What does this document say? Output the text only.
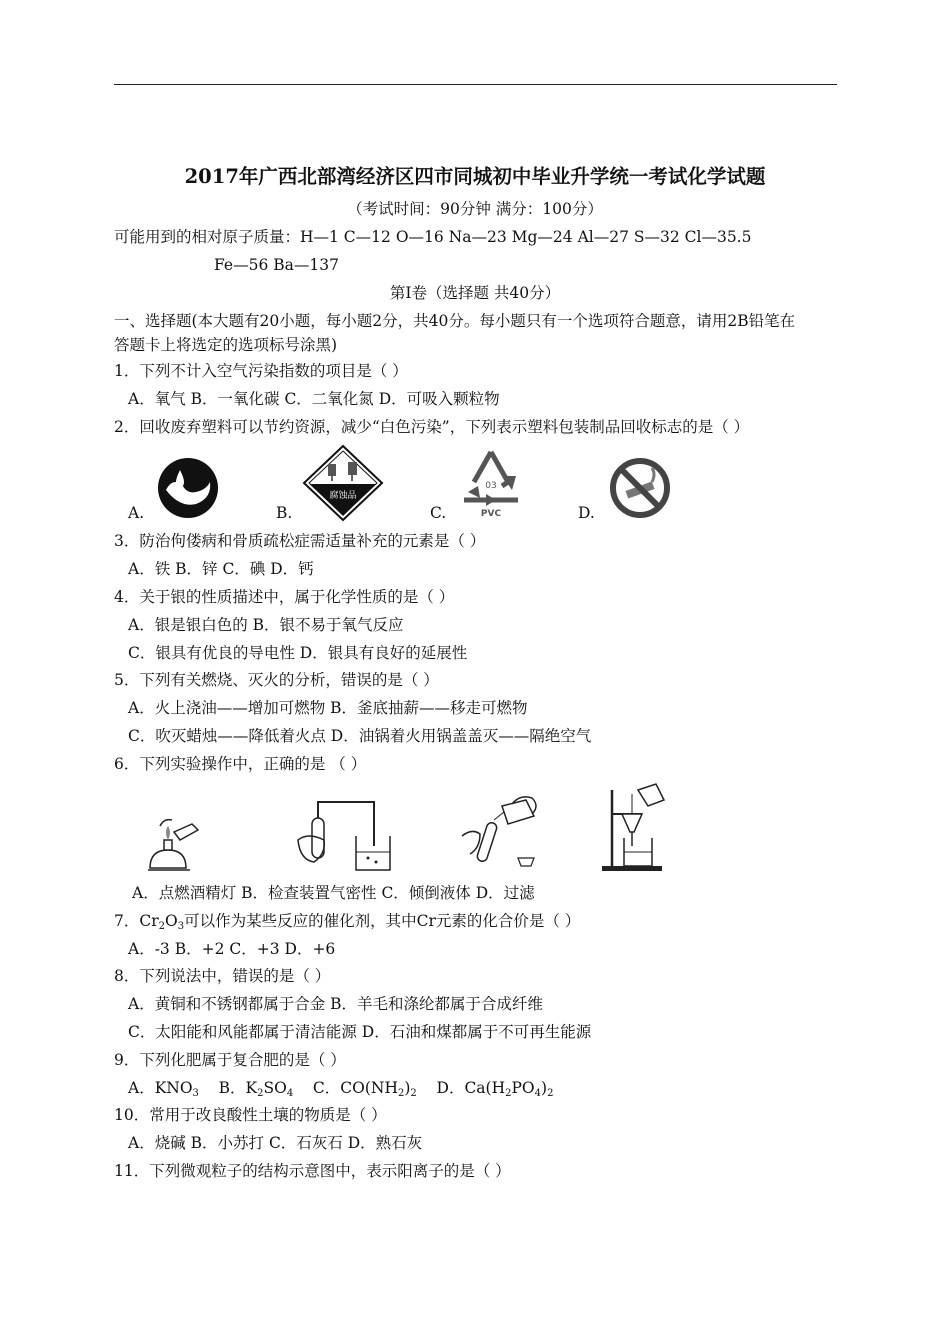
2017年广西北部湾经济区四市同城初中毕业升学统一考试化学试题
（考试时间：90分钟 满分：100分）
可能用到的相对原子质量：H—1 C—12 O—16 Na—23 Mg—24 Al—27 S—32 Cl—35.5
Fe—56 Ba—137
第Ⅰ卷（选择题 共40分）
一、选择题(本大题有20小题，每小题2分，共40分。每小题只有一个选项符合题意，请用2B铅笔在
答题卡上将选定的选项标号涂黑)
1．下列不计入空气污染指数的项目是（ ）
A．氧气 B．一氧化碳 C．二氧化氮 D．可吸入颗粒物
2．回收废弃塑料可以节约资源，减少“白色污染”，下列表示塑料包装制品回收标志的是（ ）
A.	B.
腐蚀品
C.
03
PVC	D.
3．防治佝偻病和骨质疏松症需适量补充的元素是（ ）
A．铁 B．锌 C．碘 D．钙
4．关于银的性质描述中，属于化学性质的是（ ）
A．银是银白色的 B．银不易于氧气反应
C．银具有优良的导电性 D．银具有良好的延展性
5．下列有关燃烧、灭火的分析，错误的是（ ）
A．火上浇油——增加可燃物 B．釜底抽薪——移走可燃物
C．吹灭蜡烛——降低着火点 D．油锅着火用锅盖盖灭——隔绝空气
6．下列实验操作中，正确的是 （ ）
A．点燃酒精灯 B．检查装置气密性 C．倾倒液体 D．过滤
7．$Cr_2O_3$可以作为某些反应的催化剂，其中Cr元素的化合价是（ ）
A．-3 B．+2 C．+3 D．+6
8．下列说法中，错误的是（ ）
A．黄铜和不锈钢都属于合金 B．羊毛和涤纶都属于合成纤维
C．太阳能和风能都属于清洁能源 D．石油和煤都属于不可再生能源
9．下列化肥属于复合肥的是（ ）
A．$KNO_3$ B．$K_2SO_4$ C．$CO(NH_2)_2$ D．$Ca(H_2PO_4)_2$
10．常用于改良酸性土壤的物质是（ ）
A．烧碱 B．小苏打 C．石灰石 D．熟石灰
11．下列微观粒子的结构示意图中，表示阳离子的是（ ）
